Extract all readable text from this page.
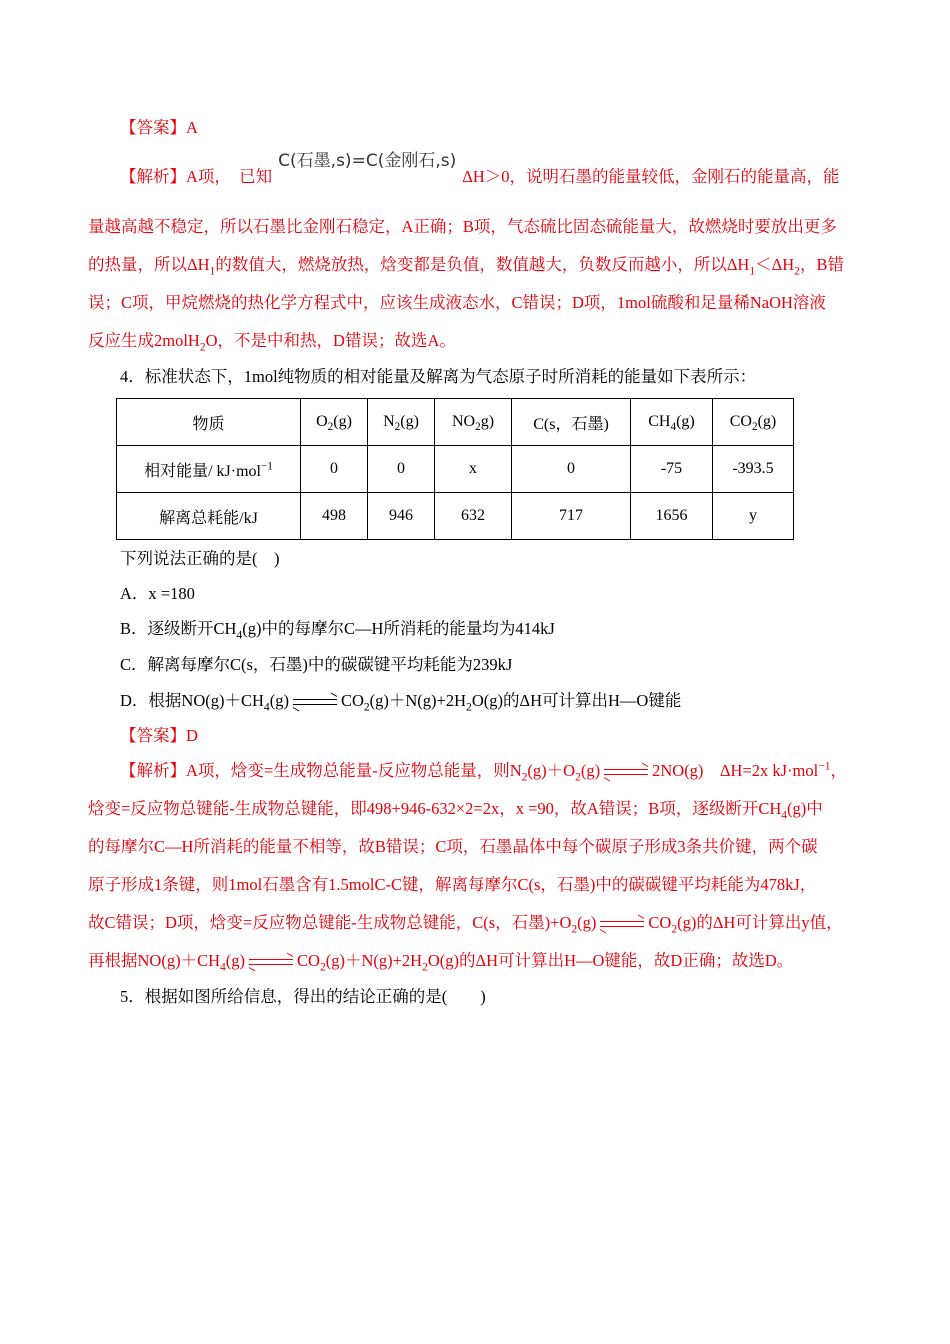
【答案】A
【解析】A项，　已知C(石墨,s)=C(金刚石,s)ΔH＞0，说明石墨的能量较低，金刚石的能量高，能
量越高越不稳定，所以石墨比金刚石稳定，A正确；B项，气态硫比固态硫能量大，故燃烧时要放出更多
的热量，所以$\Delta H_1$的数值大，燃烧放热，焓变都是负值，数值越大，负数反而越小，所以$\Delta H_1<\Delta H_2$，B错
误；C项，甲烷燃烧的热化学方程式中，应该生成液态水，C错误；D项，1mol硫酸和足量稀NaOH溶液
反应生成2molH$_2$O，不是中和热，D错误；故选A。
4．标准状态下，1mol纯物质的相对能量及解离为气态原子时所消耗的能量如下表所示：
物质	$O_2(g)$	$N_2(g)$	$NO_2g$)	C(s，石墨)	$CH_4(g)$	$CO_2(g)$
相对能量/ kJ·mol$^{-1}$	0	0	x	0	-75	-393.5
解离总耗能/kJ	498	946	632	717	1656	y
下列说法正确的是(　)
A．x =180
B．逐级断开$CH_4(g)$中的每摩尔C—H所消耗的能量均为414kJ
C．解离每摩尔C(s，石墨)中的碳碳键平均耗能为239kJ
D．根据$NO(g)+CH_4(g)$	$CO_2(g)+N(g)+2H_2O(g)$的ΔH可计算出H—O键能
【答案】D
【解析】A项，焓变=生成物总能量-反应物总能量，则$N_2(g)+O_2(g)$	2NO(g)　ΔH=2x kJ·mol$^{-1}$，
焓变=反应物总键能-生成物总键能，即498+946-632×2=2x，x =90，故A错误；B项，逐级断开$CH_4(g)$中
的每摩尔C—H所消耗的能量不相等，故B错误；C项，石墨晶体中每个碳原子形成3条共价键，两个碳
原子形成1条键，则1mol石墨含有1.5molC-C键，解离每摩尔C(s，石墨)中的碳碳键平均耗能为478kJ，
故C错误；D项，焓变=反应物总键能-生成物总键能，C(s，石墨)$+O_2(g)$	$CO_2(g)$的ΔH可计算出y值，
再根据$NO(g)+CH_4(g)$	$CO_2(g)+N(g)+2H_2O(g)$的ΔH可计算出H—O键能，故D正确；故选D。
5．根据如图所给信息，得出的结论正确的是(　　)
